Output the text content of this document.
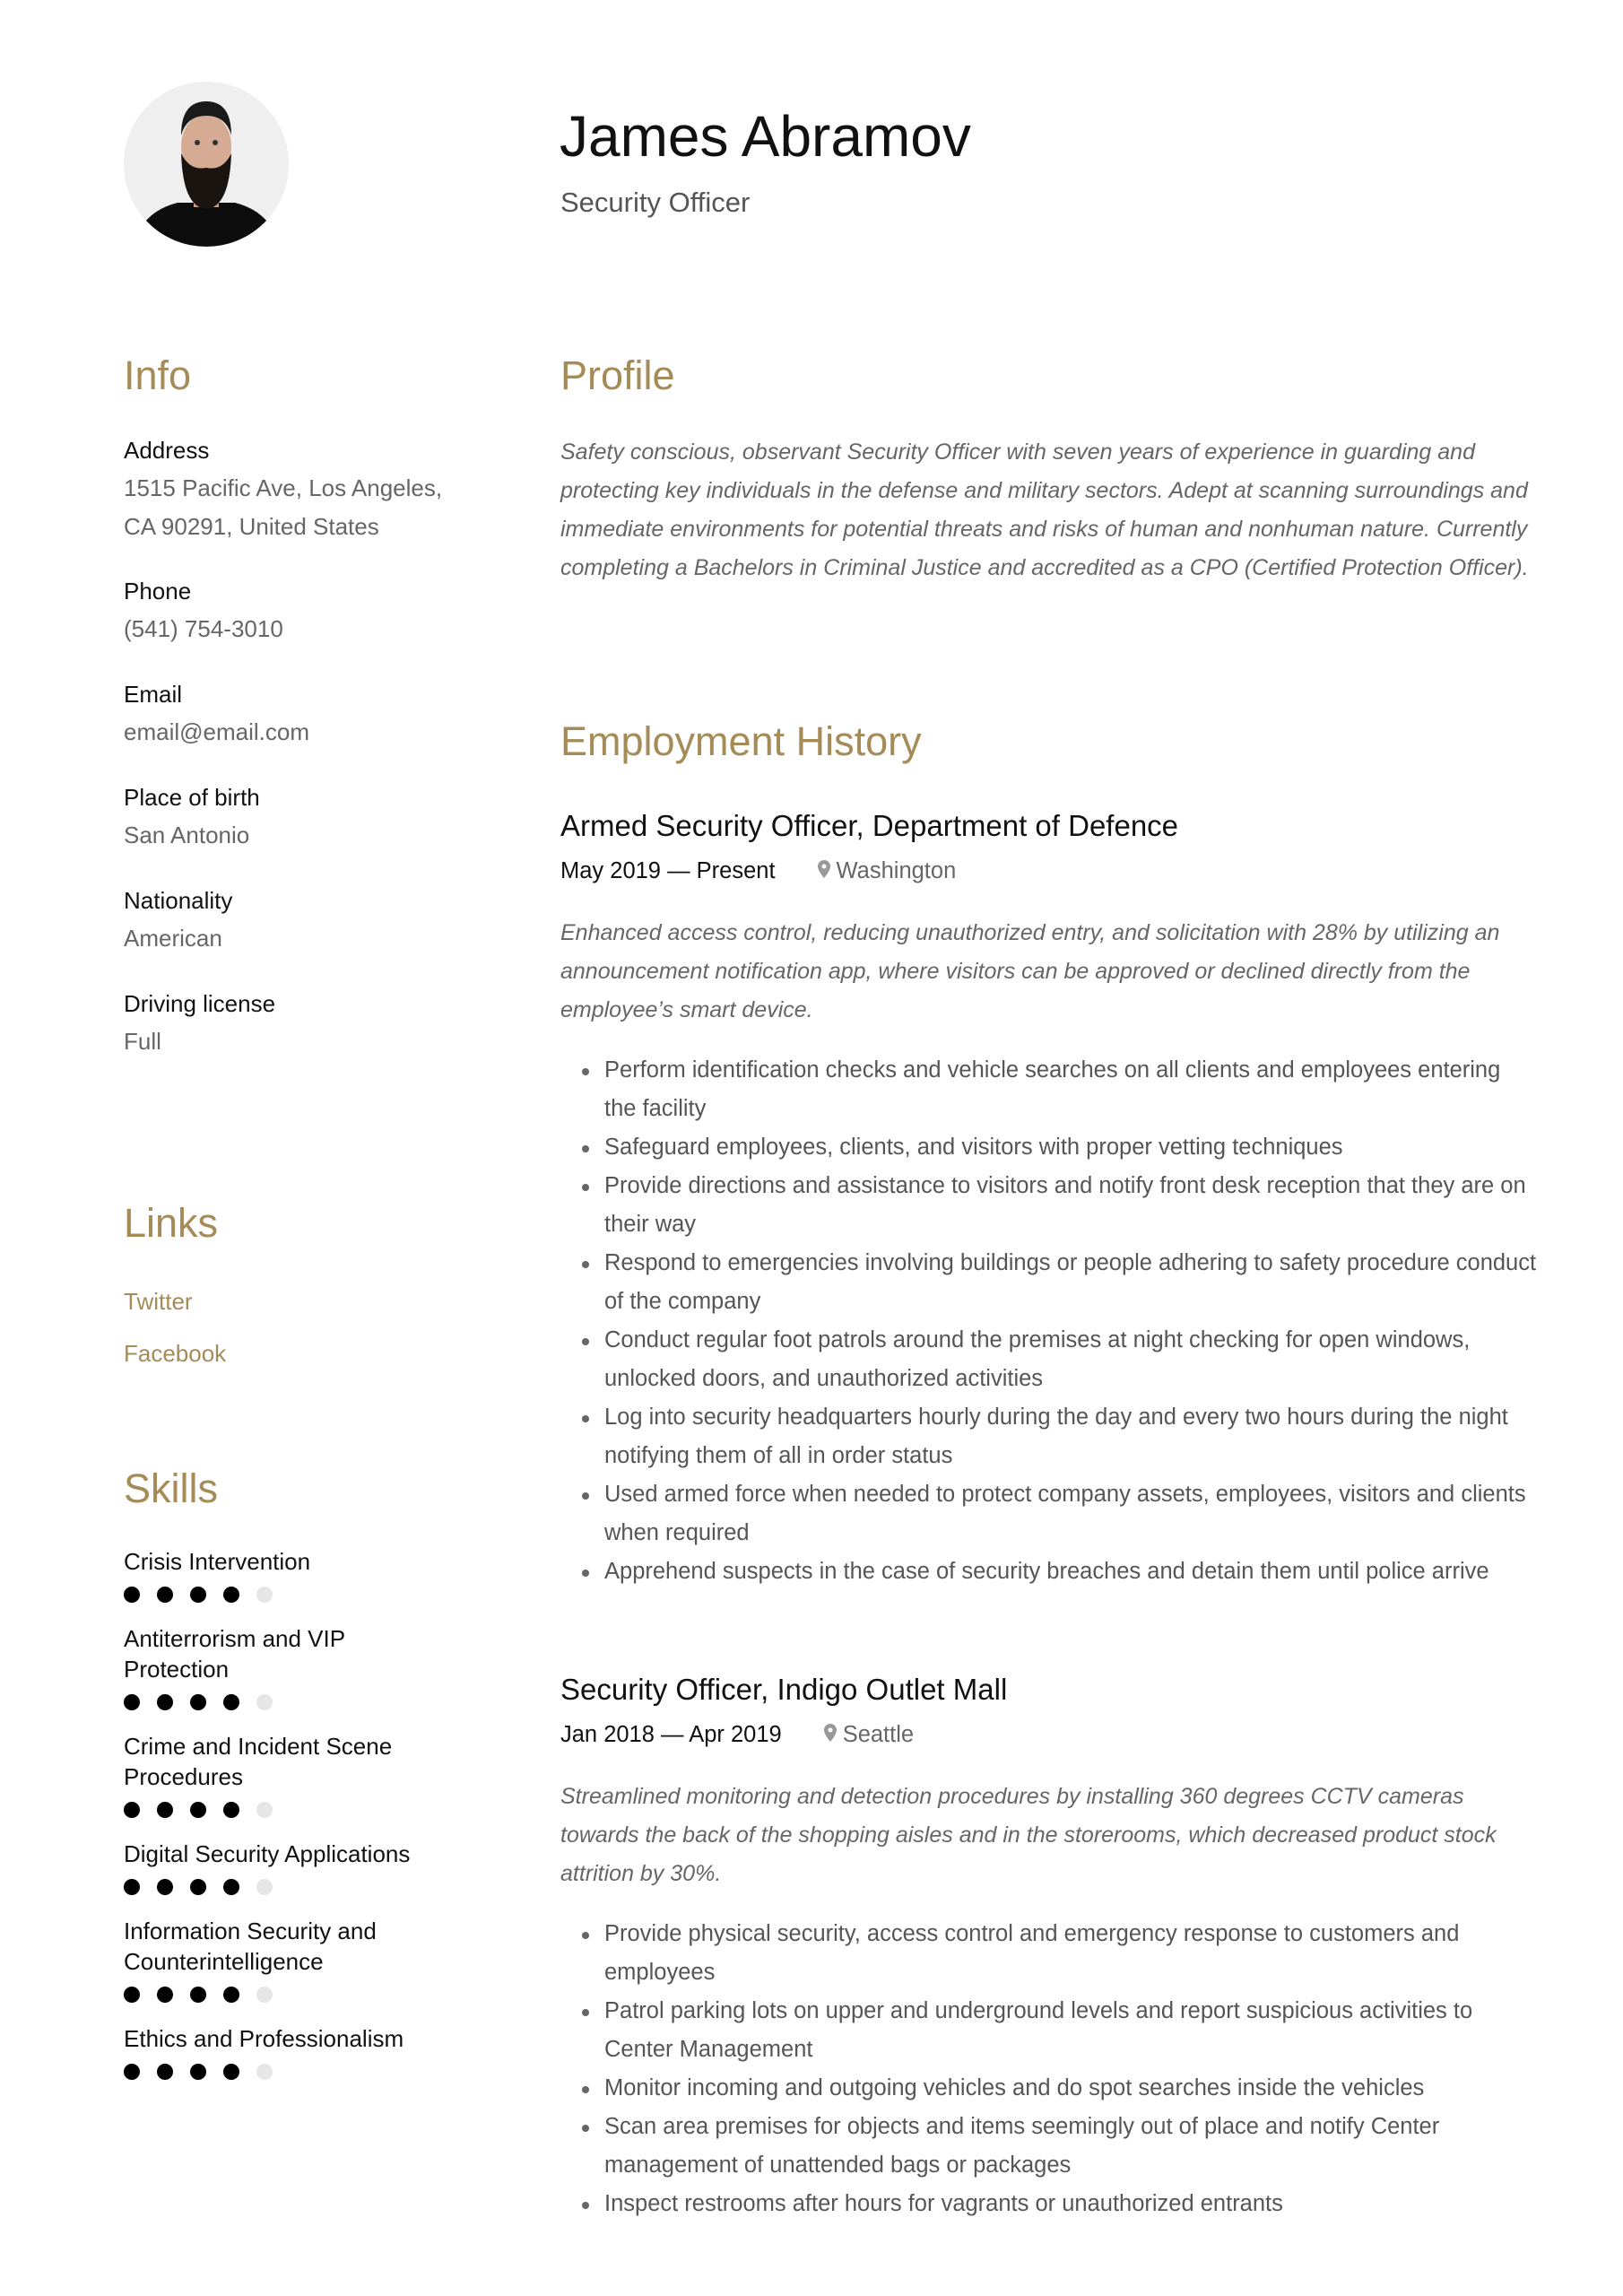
James Abramov
Security Officer
Info
Address
1515 Pacific Ave, Los Angeles,
CA 90291, United States
Phone
(541) 754-3010
Email
email@email.com
Place of birth
San Antonio
Nationality
American
Driving license
Full
Links
Twitter
Facebook
Skills
Crisis Intervention
Antiterrorism and VIP Protection
Crime and Incident Scene Procedures
Digital Security Applications
Information Security and Counterintelligence
Ethics and Professionalism
Profile

Safety conscious, observant Security Officer with seven years of experience in guarding and protecting key individuals in the defense and military sectors. Adept at scanning surroundings and immediate environments for potential threats and risks of human and nonhuman nature. Currently completing a Bachelors in Criminal Justice and accredited as a CPO (Certified Protection Officer).

Employment History
Armed Security Officer, Department of Defence
May 2019 — Present	Washington

Enhanced access control, reducing unauthorized entry, and solicitation with 28% by utilizing an announcement notification app, where visitors can be approved or declined directly from the employee’s smart device.

Perform identification checks and vehicle searches on all clients and employees entering the facility
Safeguard employees, clients, and visitors with proper vetting techniques
Provide directions and assistance to visitors and notify front desk reception that they are on their way
Respond to emergencies involving buildings or people adhering to safety procedure conduct of the company
Conduct regular foot patrols around the premises at night checking for open windows, unlocked doors, and unauthorized activities
Log into security headquarters hourly during the day and every two hours during the night notifying them of all in order status
Used armed force when needed to protect company assets, employees, visitors and clients when required
Apprehend suspects in the case of security breaches and detain them until police arrive
Security Officer, Indigo Outlet Mall
Jan 2018 — Apr 2019	Seattle

Streamlined monitoring and detection procedures by installing 360 degrees CCTV cameras towards the back of the shopping aisles and in the storerooms, which decreased product stock attrition by 30%.

Provide physical security, access control and emergency response to customers and employees
Patrol parking lots on upper and underground levels and report suspicious activities to Center Management
Monitor incoming and outgoing vehicles and do spot searches inside the vehicles
Scan area premises for objects and items seemingly out of place and notify Center management of unattended bags or packages
Inspect restrooms after hours for vagrants or unauthorized entrants
